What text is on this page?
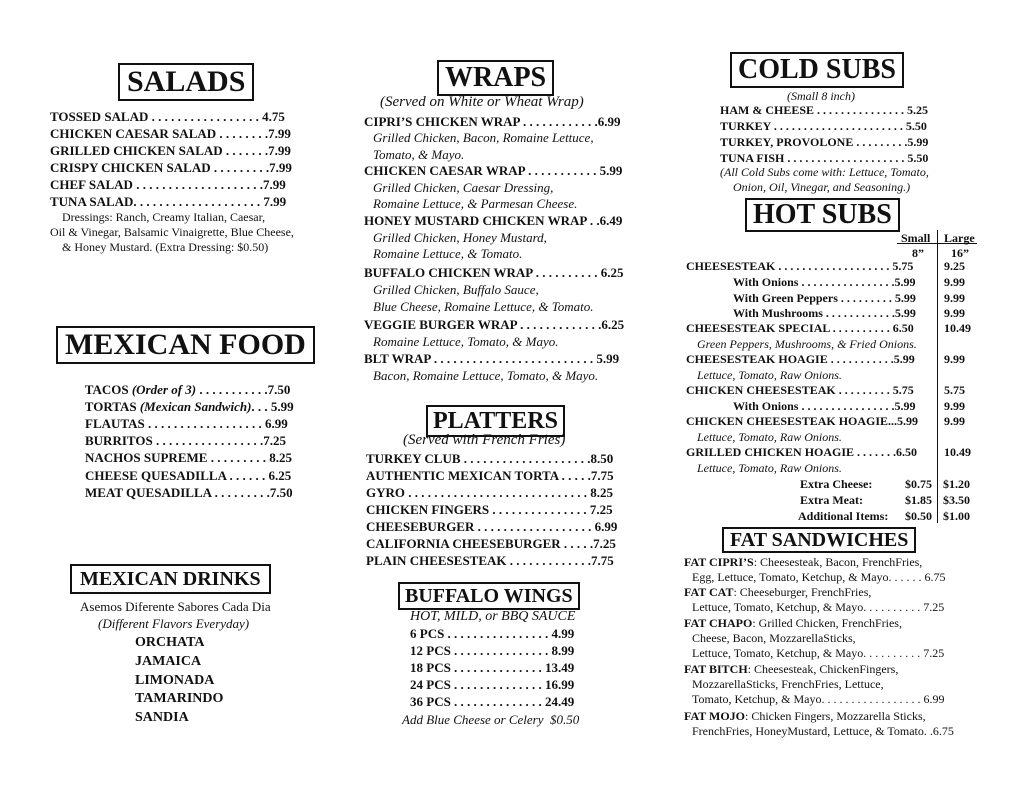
SALADS
TOSSED SALAD . . . . . . . . . . . . . . . . . 4.75
CHICKEN CAESAR SALAD . . . . . . . .7.99
GRILLED CHICKEN SALAD . . . . . . .7.99
CRISPY CHICKEN SALAD . . . . . . . . .7.99
CHEF SALAD . . . . . . . . . . . . . . . . . . . .7.99
TUNA SALAD. . . . . . . . . . . . . . . . . . . . 7.99
Dressings: Ranch, Creamy Italian, Caesar,
Oil & Vinegar, Balsamic Vinaigrette, Blue Cheese,
& Honey Mustard. (Extra Dressing: $0.50)
MEXICAN FOOD

TACOS (Order of 3) . . . . . . . . . . .7.50

TORTAS (Mexican Sandwich). . . 5.99

FLAUTAS . . . . . . . . . . . . . . . . . . 6.99

BURRITOS . . . . . . . . . . . . . . . . .7.25

NACHOS SUPREME . . . . . . . . . 8.25

CHEESE QUESADILLA . . . . . . 6.25

MEAT QUESADILLA . . . . . . . . .7.50

MEXICAN DRINKS
Asemos Diferente Sabores Cada Dia
(Different Flavors Everyday)
ORCHATA
JAMAICA
LIMONADA
TAMARINDO
SANDIA
WRAPS
(Served on White or Wheat Wrap)
CIPRI’S CHICKEN WRAP . . . . . . . . . . . .6.99
Grilled Chicken, Bacon, Romaine Lettuce,
Tomato, & Mayo.
CHICKEN CAESAR WRAP . . . . . . . . . . . 5.99
Grilled Chicken, Caesar Dressing,
Romaine Lettuce, & Parmesan Cheese.
HONEY MUSTARD CHICKEN WRAP . .6.49
Grilled Chicken, Honey Mustard,
Romaine Lettuce, & Tomato.
BUFFALO CHICKEN WRAP . . . . . . . . . . 6.25
Grilled Chicken, Buffalo Sauce,
Blue Cheese, Romaine Lettuce, & Tomato.
VEGGIE BURGER WRAP . . . . . . . . . . . . .6.25
Romaine Lettuce, Tomato, & Mayo.
BLT WRAP . . . . . . . . . . . . . . . . . . . . . . . . . 5.99
Bacon, Romaine Lettuce, Tomato, & Mayo.
PLATTERS
(Served with French Fries)
TURKEY CLUB . . . . . . . . . . . . . . . . . . . .8.50
AUTHENTIC MEXICAN TORTA . . . . .7.75
GYRO . . . . . . . . . . . . . . . . . . . . . . . . . . . . 8.25
CHICKEN FINGERS . . . . . . . . . . . . . . . 7.25
CHEESEBURGER . . . . . . . . . . . . . . . . . . 6.99
CALIFORNIA CHEESEBURGER . . . . .7.25
PLAIN CHEESESTEAK . . . . . . . . . . . . .7.75
BUFFALO WINGS
HOT, MILD, or BBQ SAUCE
6 PCS . . . . . . . . . . . . . . . . 4.99
12 PCS . . . . . . . . . . . . . . . 8.99
18 PCS . . . . . . . . . . . . . . 13.49
24 PCS . . . . . . . . . . . . . . 16.99
36 PCS . . . . . . . . . . . . . . 24.49
Add Blue Cheese or Celery  $0.50
COLD SUBS
(Small 8 inch)
HAM & CHEESE . . . . . . . . . . . . . . . 5.25
TURKEY . . . . . . . . . . . . . . . . . . . . . . 5.50
TURKEY, PROVOLONE . . . . . . . . .5.99
TUNA FISH . . . . . . . . . . . . . . . . . . . . 5.50
(All Cold Subs come with: Lettuce, Tomato,
Onion, Oil, Vinegar, and Seasoning.)
HOT SUBS
Small
8”
Large
16”
CHEESESTEAK . . . . . . . . . . . . . . . . . . . 5.75	9.25
With Onions . . . . . . . . . . . . . . . .5.99 9.99
With Green Peppers . . . . . . . . . 5.99 9.99
With Mushrooms . . . . . . . . . . . .5.99 9.99
CHEESESTEAK SPECIAL . . . . . . . . . . 6.50	10.49
Green Peppers, Mushrooms, & Fried Onions.
CHEESESTEAK HOAGIE . . . . . . . . . . .5.99 9.99
Lettuce, Tomato, Raw Onions.
CHICKEN CHEESESTEAK . . . . . . . . . 5.75	5.75
With Onions . . . . . . . . . . . . . . . .5.99 9.99
CHICKEN CHEESESTEAK HOAGIE...5.99 9.99
Lettuce, Tomato, Raw Onions.
GRILLED CHICKEN HOAGIE . . . . . . .6.50 10.49
Lettuce, Tomato, Raw Onions.
Extra Cheese:	$0.75 $1.20
Extra Meat:	$1.85 $3.50
Additional Items: $0.50 $1.00
FAT SANDWICHES
FAT CIPRI’S: Cheesesteak, Bacon, FrenchFries,
Egg, Lettuce, Tomato, Ketchup, & Mayo. . . . . . 6.75
FAT CAT: Cheeseburger, FrenchFries,
Lettuce, Tomato, Ketchup, & Mayo. . . . . . . . . . 7.25
FAT CHAPO: Grilled Chicken, FrenchFries,
Cheese, Bacon, MozzarellaSticks,
Lettuce, Tomato, Ketchup, & Mayo. . . . . . . . . . 7.25
FAT BITCH: Cheesesteak, ChickenFingers,
MozzarellaSticks, FrenchFries, Lettuce,
Tomato, Ketchup, & Mayo. . . . . . . . . . . . . . . . . 6.99
FAT MOJO: Chicken Fingers, Mozzarella Sticks,
FrenchFries, HoneyMustard, Lettuce, & Tomato. .6.75
